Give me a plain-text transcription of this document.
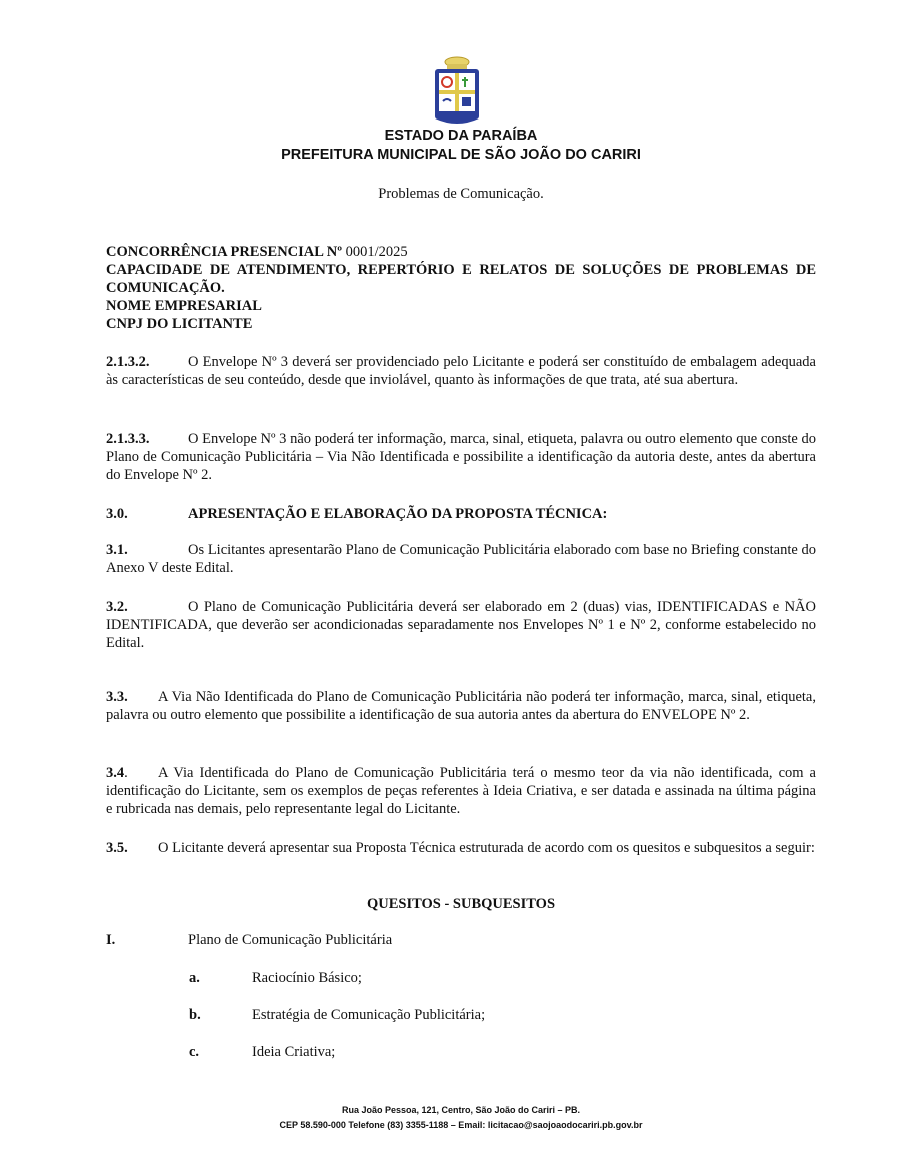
ESTADO DA PARAÍBA
PREFEITURA MUNICIPAL DE SÃO JOÃO DO CARIRI
Problemas de Comunicação.
CONCORRÊNCIA PRESENCIAL Nº 0001/2025
CAPACIDADE DE ATENDIMENTO, REPERTÓRIO E RELATOS DE SOLUÇÕES DE PROBLEMAS DE COMUNICAÇÃO.
NOME EMPRESARIAL
CNPJ DO LICITANTE
2.1.3.2.	O Envelope Nº 3 deverá ser providenciado pelo Licitante e poderá ser constituído de embalagem adequada às características de seu conteúdo, desde que inviolável, quanto às informações de que trata, até sua abertura.
2.1.3.3.	O Envelope Nº 3 não poderá ter informação, marca, sinal, etiqueta, palavra ou outro elemento que conste do Plano de Comunicação Publicitária – Via Não Identificada e possibilite a identificação da autoria deste, antes da abertura do Envelope Nº 2.
3.0.	APRESENTAÇÃO E ELABORAÇÃO DA PROPOSTA TÉCNICA:
3.1.	Os Licitantes apresentarão Plano de Comunicação Publicitária elaborado com base no Briefing constante do Anexo V deste Edital.
3.2.	O Plano de Comunicação Publicitária deverá ser elaborado em 2 (duas) vias, IDENTIFICADAS e NÃO IDENTIFICADA, que deverão ser acondicionadas separadamente nos Envelopes Nº 1 e Nº 2, conforme estabelecido no Edital.
3.3. A Via Não Identificada do Plano de Comunicação Publicitária não poderá ter informação, marca, sinal, etiqueta, palavra ou outro elemento que possibilite a identificação de sua autoria antes da abertura do ENVELOPE Nº 2.
3.4. A Via Identificada do Plano de Comunicação Publicitária terá o mesmo teor da via não identificada, com a identificação do Licitante, sem os exemplos de peças referentes à Ideia Criativa, e ser datada e assinada na última página e rubricada nas demais, pelo representante legal do Licitante.
3.5. O Licitante deverá apresentar sua Proposta Técnica estruturada de acordo com os quesitos e subquesitos a seguir:
QUESITOS - SUBQUESITOS
I.	Plano de Comunicação Publicitária
a.	Raciocínio Básico;
b.	Estratégia de Comunicação Publicitária;
c.	Ideia Criativa;
Rua João Pessoa, 121, Centro, São João do Cariri – PB.
CEP 58.590-000 Telefone (83) 3355-1188 – Email: licitacao@saojoaodocariri.pb.gov.br
